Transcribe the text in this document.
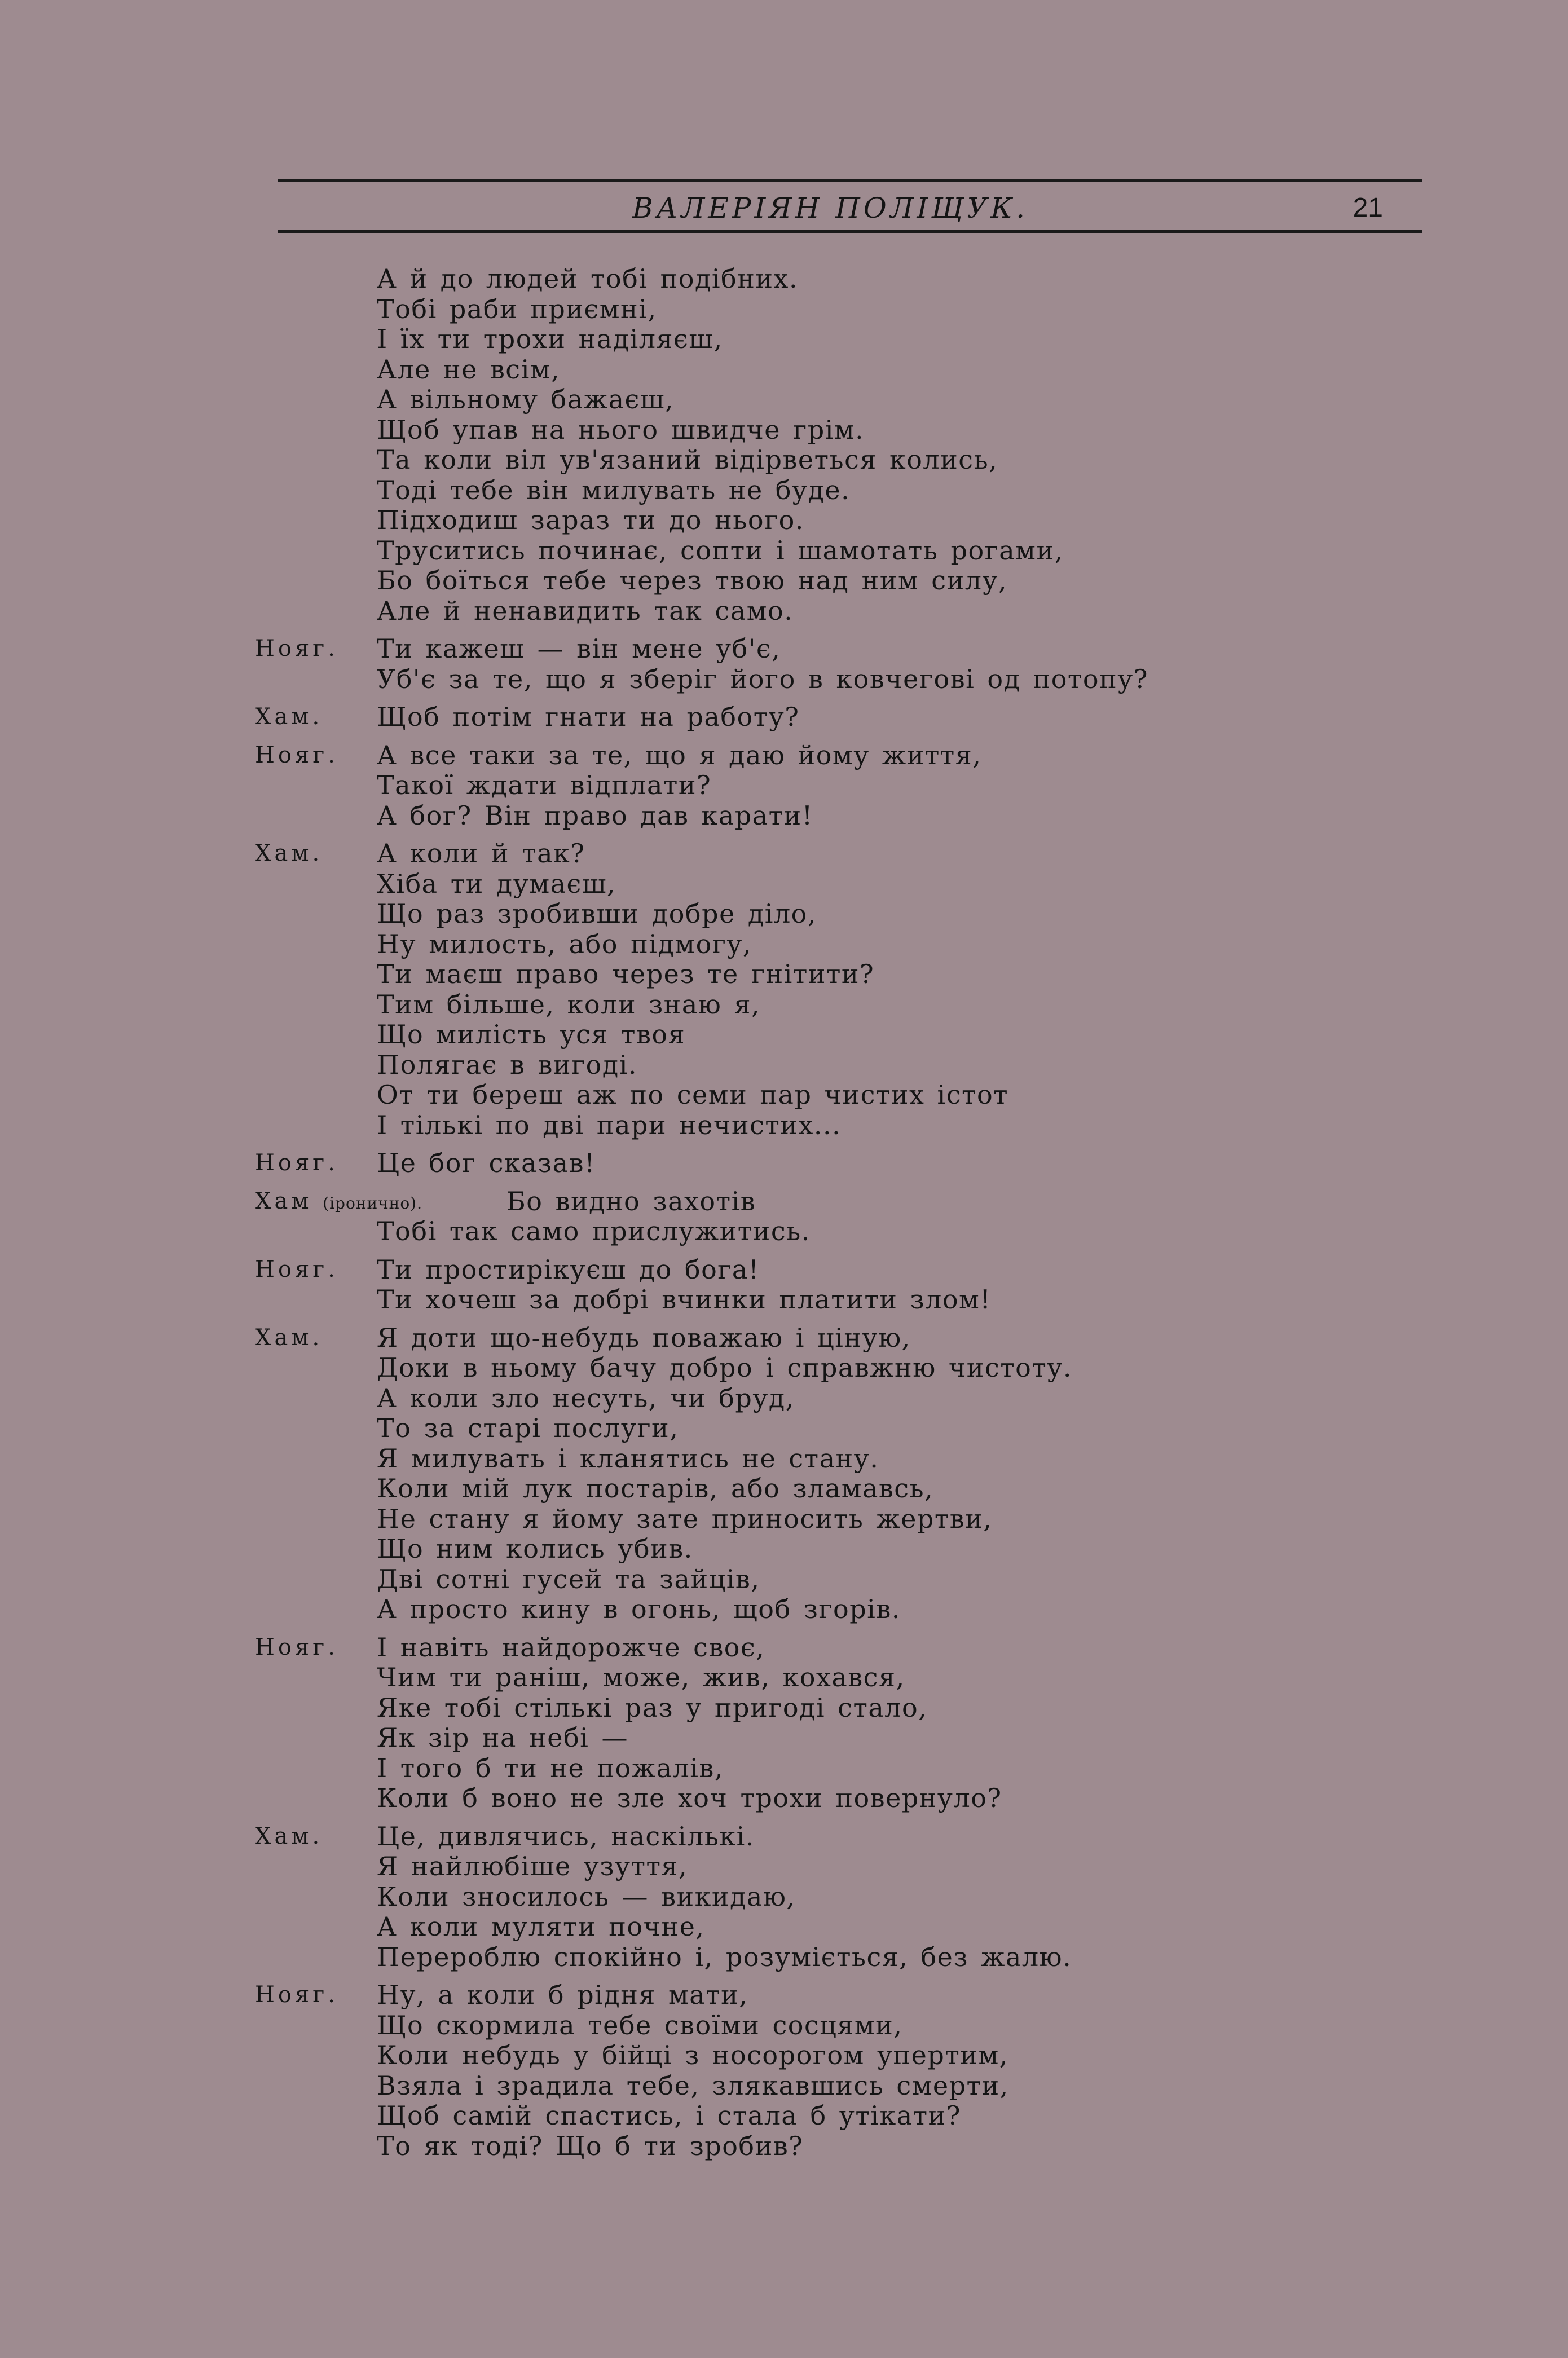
ВАЛЕРІЯН ПОЛІЩУК.	21
А й до людей тобі подібних.
Тобі раби приємні,
І їх ти трохи наділяєш,
Але не всім,
А вільному бажаєш,
Щоб упав на нього швидче грім.
Та коли віл ув'язаний відірветься колись,
Тоді тебе він милувать не буде.
Підходиш зараз ти до нього.
Труситись починає, сопти і шамотать рогами,
Бо боїться тебе через твою над ним силу,
Але й ненавидить так само.
Нояг. Ти кажеш — він мене уб'є,
Уб'є за те, що я зберіг його в ковчегові од потопу?
Хам. Щоб потім гнати на работу?
Нояг. А все таки за те, що я даю йому життя,
Такої ждати відплати?
А бог? Він право дав карати!
Хам. А коли й так?
Хіба ти думаєш,
Що раз зробивши добре діло,
Ну милость, або підмогу,
Ти маєш право через те гнітити?
Тим більше, коли знаю я,
Що милість уся твоя
Полягає в вигоді.
От ти береш аж по семи пар чистих істот
І тількі по дві пари нечистих...
Нояг. Це бог сказав!
Хам (іронично).	Бо видно захотів
Тобі так само прислужитись.
Нояг. Ти простирікуєш до бога!
Ти хочеш за добрі вчинки платити злом!
Хам. Я доти що-небудь поважаю і ціную,
Доки в ньому бачу добро і справжню чистоту.
А коли зло несуть, чи бруд,
То за старі послуги,
Я милувать і кланятись не стану.
Коли мій лук постарів, або зламавсь,
Не стану я йому зате приносить жертви,
Що ним колись убив.
Дві сотні гусей та зайців,
А просто кину в огонь, щоб згорів.
Нояг. І навіть найдорожче своє,
Чим ти раніш, може, жив, кохався,
Яке тобі стількі раз у пригоді стало,
Як зір на небі —
І того б ти не пожалів,
Коли б воно не зле хоч трохи повернуло?
Хам. Це, дивлячись, наскількі.
Я найлюбіше узуття,
Коли зносилось — викидаю,
А коли муляти почне,
Перероблю спокійно і, розуміється, без жалю.
Нояг. Ну, а коли б рідня мати,
Що скормила тебе своїми сосцями,
Коли небудь у бійці з носорогом упертим,
Взяла і зрадила тебе, злякавшись смерти,
Щоб самій спастись, і стала б утікати?
То як тоді? Що б ти зробив?
